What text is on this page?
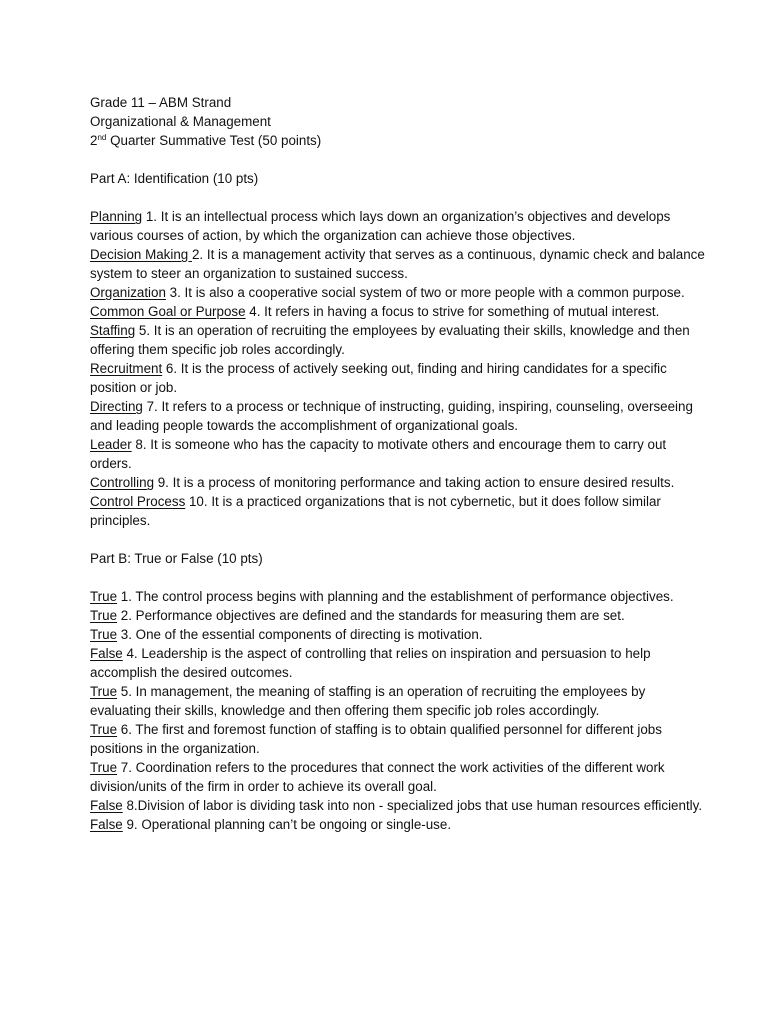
Grade 11 – ABM Strand
Organizational & Management
2nd Quarter Summative Test (50 points)
Part A: Identification (10 pts)

Planning 1. It is an intellectual process which lays down an organization’s objectives and develops various courses of action, by which the organization can achieve those objectives.

Decision Making 2. It is a management activity that serves as a continuous, dynamic check and balance system to steer an organization to sustained success.

Organization 3. It is also a cooperative social system of two or more people with a common purpose.

Common Goal or Purpose 4. It refers in having a focus to strive for something of mutual interest.

Staffing 5. It is an operation of recruiting the employees by evaluating their skills, knowledge and then offering them specific job roles accordingly.

Recruitment 6. It is the process of actively seeking out, finding and hiring candidates for a specific position or job.

Directing 7. It refers to a process or technique of instructing, guiding, inspiring, counseling, overseeing and leading people towards the accomplishment of organizational goals.

Leader 8. It is someone who has the capacity to motivate others and encourage them to carry out orders.

Controlling 9. It is a process of monitoring performance and taking action to ensure desired results.

Control Process 10. It is a practiced organizations that is not cybernetic, but it does follow similar principles.

Part B: True or False (10 pts)

True 1. The control process begins with planning and the establishment of performance objectives.

True 2. Performance objectives are defined and the standards for measuring them are set.

True 3. One of the essential components of directing is motivation.

False 4. Leadership is the aspect of controlling that relies on inspiration and persuasion to help accomplish the desired outcomes.

True 5. In management, the meaning of staffing is an operation of recruiting the employees by evaluating their skills, knowledge and then offering them specific job roles accordingly.

True 6. The first and foremost function of staffing is to obtain qualified personnel for different jobs positions in the organization.

True 7. Coordination refers to the procedures that connect the work activities of the different work division/units of the firm in order to achieve its overall goal.

False 8.Division of labor is dividing task into non - specialized jobs that use human resources efficiently.

False 9. Operational planning can’t be ongoing or single-use.
